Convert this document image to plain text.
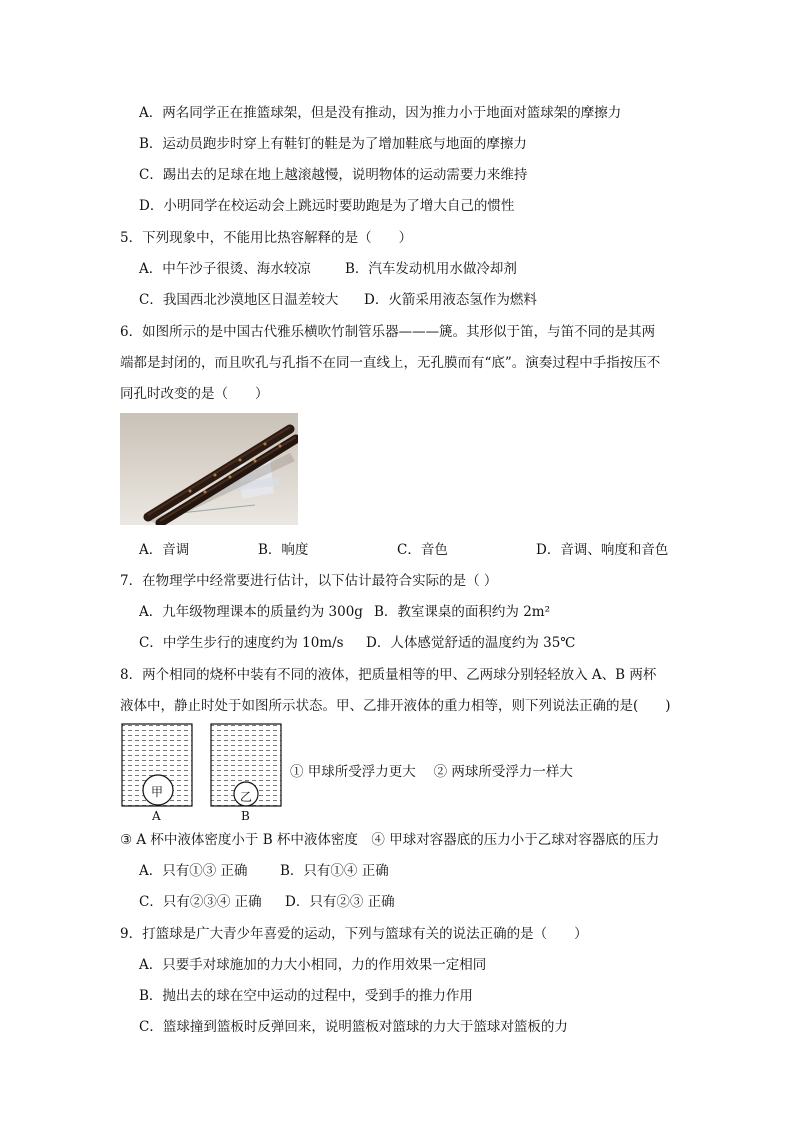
A．两名同学正在推篮球架，但是没有推动，因为推力小于地面对篮球架的摩擦力
B．运动员跑步时穿上有鞋钉的鞋是为了增加鞋底与地面的摩擦力
C．踢出去的足球在地上越滚越慢，说明物体的运动需要力来维持
D．小明同学在校运动会上跳远时要助跑是为了增大自己的惯性
5．下列现象中，不能用比热容解释的是（　　）
A．中午沙子很烫、海水较凉	B．汽车发动机用水做冷却剂
C．我国西北沙漠地区日温差较大 D．火箭采用液态氢作为燃料
6．如图所示的是中国古代雅乐横吹竹制管乐器———篪。其形似于笛，与笛不同的是其两
端都是封闭的，而且吹孔与孔指不在同一直线上，无孔膜而有“底”。演奏过程中手指按压不
同孔时改变的是（　　）
A．音调	B．响度	C．音色	D．音调、响度和音色
7．在物理学中经常要进行估计，以下估计最符合实际的是（ ）
A．九年级物理课本的质量约为 300g B．教室课桌的面积约为 2m²
C．中学生步行的速度约为 10m/s D．人体感觉舒适的温度约为 35℃
8．两个相同的烧杯中装有不同的液体，把质量相等的甲、乙两球分别轻轻放入 A、B 两杯
液体中，静止时处于如图所示状态。甲、乙排开液体的重力相等，则下列说法正确的是(　　)
甲
A
乙
B
① 甲球所受浮力更大　 ② 两球所受浮力一样大
③ A 杯中液体密度小于 B 杯中液体密度　④ 甲球对容器底的压力小于乙球对容器底的压力
A．只有①③ 正确 B．只有①④ 正确
C．只有②③④ 正确 D．只有②③ 正确
9．打篮球是广大青少年喜爱的运动，下列与篮球有关的说法正确的是（　　）
A．只要手对球施加的力大小相同，力的作用效果一定相同
B．抛出去的球在空中运动的过程中，受到手的推力作用
C．篮球撞到篮板时反弹回来，说明篮板对篮球的力大于篮球对篮板的力
